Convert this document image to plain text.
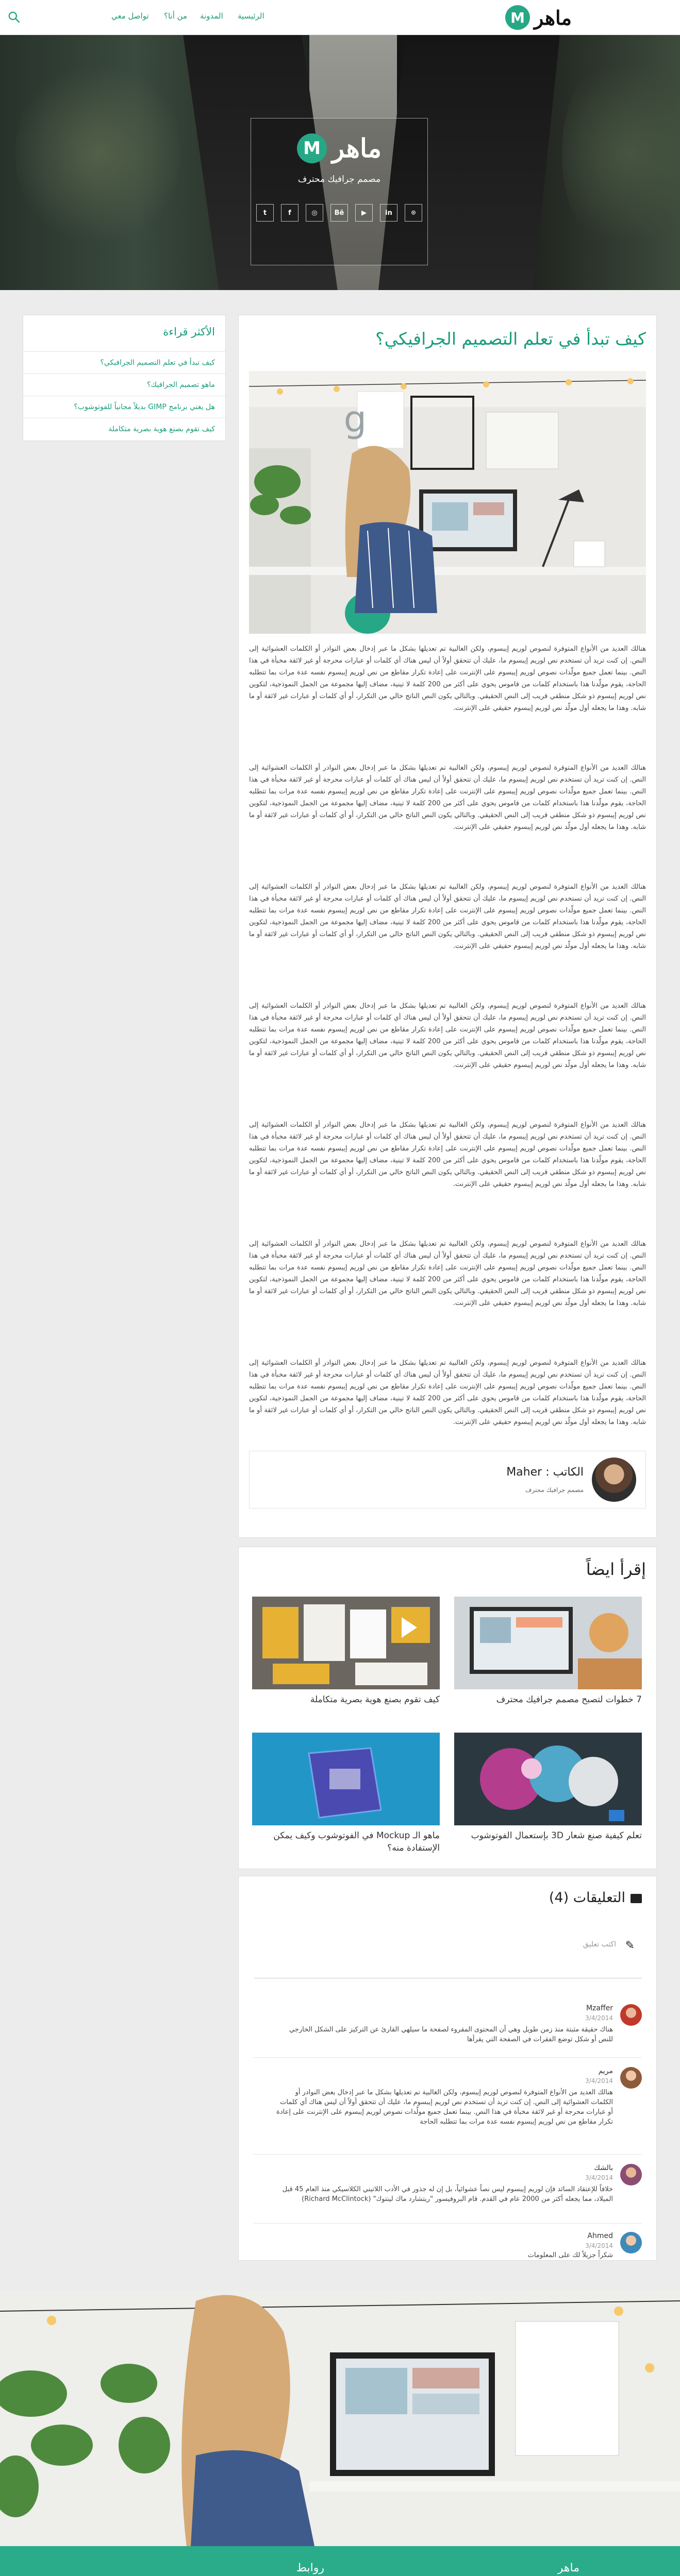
M ماهر
الرئيسية
المدونة
من أنا؟
تواصل معي
M ماهر
مصمم جرافيك محترف
t	f	◎	Bē	▶	in	⌾
كيف تبدأ في تعلم التصميم الجرافيكي؟
g

هنالك العديد من الأنواع المتوفرة لنصوص لوريم إيبسوم، ولكن الغالبية تم تعديلها بشكل ما عبر إدخال بعض النوادر أو الكلمات العشوائية إلى النص. إن كنت تريد أن تستخدم نص لوريم إيبسوم ما، عليك أن تتحقق أولاً أن ليس هناك أي كلمات أو عبارات محرجة أو غير لائقة مخبأة في هذا النص. بينما تعمل جميع مولّدات نصوص لوريم إيبسوم على الإنترنت على إعادة تكرار مقاطع من نص لوريم إيبسوم نفسه عدة مرات بما تتطلبه الحاجة، يقوم مولّدنا هذا باستخدام كلمات من قاموس يحوي على أكثر من 200 كلمة لا تينية، مضاف إليها مجموعة من الجمل النموذجية، لتكوين نص لوريم إيبسوم ذو شكل منطقي قريب إلى النص الحقيقي. وبالتالي يكون النص الناتج خالي من التكرار، أو أي كلمات أو عبارات غير لائقة أو ما شابه. وهذا ما يجعله أول مولّد نص لوريم إيبسوم حقيقي على الإنترنت.

هنالك العديد من الأنواع المتوفرة لنصوص لوريم إيبسوم، ولكن الغالبية تم تعديلها بشكل ما عبر إدخال بعض النوادر أو الكلمات العشوائية إلى النص. إن كنت تريد أن تستخدم نص لوريم إيبسوم ما، عليك أن تتحقق أولاً أن ليس هناك أي كلمات أو عبارات محرجة أو غير لائقة مخبأة في هذا النص. بينما تعمل جميع مولّدات نصوص لوريم إيبسوم على الإنترنت على إعادة تكرار مقاطع من نص لوريم إيبسوم نفسه عدة مرات بما تتطلبه الحاجة، يقوم مولّدنا هذا باستخدام كلمات من قاموس يحوي على أكثر من 200 كلمة لا تينية، مضاف إليها مجموعة من الجمل النموذجية، لتكوين نص لوريم إيبسوم ذو شكل منطقي قريب إلى النص الحقيقي. وبالتالي يكون النص الناتج خالي من التكرار، أو أي كلمات أو عبارات غير لائقة أو ما شابه. وهذا ما يجعله أول مولّد نص لوريم إيبسوم حقيقي على الإنترنت.

هنالك العديد من الأنواع المتوفرة لنصوص لوريم إيبسوم، ولكن الغالبية تم تعديلها بشكل ما عبر إدخال بعض النوادر أو الكلمات العشوائية إلى النص. إن كنت تريد أن تستخدم نص لوريم إيبسوم ما، عليك أن تتحقق أولاً أن ليس هناك أي كلمات أو عبارات محرجة أو غير لائقة مخبأة في هذا النص. بينما تعمل جميع مولّدات نصوص لوريم إيبسوم على الإنترنت على إعادة تكرار مقاطع من نص لوريم إيبسوم نفسه عدة مرات بما تتطلبه الحاجة، يقوم مولّدنا هذا باستخدام كلمات من قاموس يحوي على أكثر من 200 كلمة لا تينية، مضاف إليها مجموعة من الجمل النموذجية، لتكوين نص لوريم إيبسوم ذو شكل منطقي قريب إلى النص الحقيقي. وبالتالي يكون النص الناتج خالي من التكرار، أو أي كلمات أو عبارات غير لائقة أو ما شابه. وهذا ما يجعله أول مولّد نص لوريم إيبسوم حقيقي على الإنترنت.

هنالك العديد من الأنواع المتوفرة لنصوص لوريم إيبسوم، ولكن الغالبية تم تعديلها بشكل ما عبر إدخال بعض النوادر أو الكلمات العشوائية إلى النص. إن كنت تريد أن تستخدم نص لوريم إيبسوم ما، عليك أن تتحقق أولاً أن ليس هناك أي كلمات أو عبارات محرجة أو غير لائقة مخبأة في هذا النص. بينما تعمل جميع مولّدات نصوص لوريم إيبسوم على الإنترنت على إعادة تكرار مقاطع من نص لوريم إيبسوم نفسه عدة مرات بما تتطلبه الحاجة، يقوم مولّدنا هذا باستخدام كلمات من قاموس يحوي على أكثر من 200 كلمة لا تينية، مضاف إليها مجموعة من الجمل النموذجية، لتكوين نص لوريم إيبسوم ذو شكل منطقي قريب إلى النص الحقيقي. وبالتالي يكون النص الناتج خالي من التكرار، أو أي كلمات أو عبارات غير لائقة أو ما شابه. وهذا ما يجعله أول مولّد نص لوريم إيبسوم حقيقي على الإنترنت.

هنالك العديد من الأنواع المتوفرة لنصوص لوريم إيبسوم، ولكن الغالبية تم تعديلها بشكل ما عبر إدخال بعض النوادر أو الكلمات العشوائية إلى النص. إن كنت تريد أن تستخدم نص لوريم إيبسوم ما، عليك أن تتحقق أولاً أن ليس هناك أي كلمات أو عبارات محرجة أو غير لائقة مخبأة في هذا النص. بينما تعمل جميع مولّدات نصوص لوريم إيبسوم على الإنترنت على إعادة تكرار مقاطع من نص لوريم إيبسوم نفسه عدة مرات بما تتطلبه الحاجة، يقوم مولّدنا هذا باستخدام كلمات من قاموس يحوي على أكثر من 200 كلمة لا تينية، مضاف إليها مجموعة من الجمل النموذجية، لتكوين نص لوريم إيبسوم ذو شكل منطقي قريب إلى النص الحقيقي. وبالتالي يكون النص الناتج خالي من التكرار، أو أي كلمات أو عبارات غير لائقة أو ما شابه. وهذا ما يجعله أول مولّد نص لوريم إيبسوم حقيقي على الإنترنت.

هنالك العديد من الأنواع المتوفرة لنصوص لوريم إيبسوم، ولكن الغالبية تم تعديلها بشكل ما عبر إدخال بعض النوادر أو الكلمات العشوائية إلى النص. إن كنت تريد أن تستخدم نص لوريم إيبسوم ما، عليك أن تتحقق أولاً أن ليس هناك أي كلمات أو عبارات محرجة أو غير لائقة مخبأة في هذا النص. بينما تعمل جميع مولّدات نصوص لوريم إيبسوم على الإنترنت على إعادة تكرار مقاطع من نص لوريم إيبسوم نفسه عدة مرات بما تتطلبه الحاجة، يقوم مولّدنا هذا باستخدام كلمات من قاموس يحوي على أكثر من 200 كلمة لا تينية، مضاف إليها مجموعة من الجمل النموذجية، لتكوين نص لوريم إيبسوم ذو شكل منطقي قريب إلى النص الحقيقي. وبالتالي يكون النص الناتج خالي من التكرار، أو أي كلمات أو عبارات غير لائقة أو ما شابه. وهذا ما يجعله أول مولّد نص لوريم إيبسوم حقيقي على الإنترنت.

هنالك العديد من الأنواع المتوفرة لنصوص لوريم إيبسوم، ولكن الغالبية تم تعديلها بشكل ما عبر إدخال بعض النوادر أو الكلمات العشوائية إلى النص. إن كنت تريد أن تستخدم نص لوريم إيبسوم ما، عليك أن تتحقق أولاً أن ليس هناك أي كلمات أو عبارات محرجة أو غير لائقة مخبأة في هذا النص. بينما تعمل جميع مولّدات نصوص لوريم إيبسوم على الإنترنت على إعادة تكرار مقاطع من نص لوريم إيبسوم نفسه عدة مرات بما تتطلبه الحاجة، يقوم مولّدنا هذا باستخدام كلمات من قاموس يحوي على أكثر من 200 كلمة لا تينية، مضاف إليها مجموعة من الجمل النموذجية، لتكوين نص لوريم إيبسوم ذو شكل منطقي قريب إلى النص الحقيقي. وبالتالي يكون النص الناتج خالي من التكرار، أو أي كلمات أو عبارات غير لائقة أو ما شابه. وهذا ما يجعله أول مولّد نص لوريم إيبسوم حقيقي على الإنترنت.

الكاتب : Maher
مصمم جرافيك محترف
إقرأ ايضاً
7 خطوات لتصبح مصمم جرافيك محترف
كيف تقوم بصنع هوية بصرية متكاملة
تعلم كيفية صنع شعار 3D بإستعمال الفوتوشوب
ماهو الـ Mockup في الفوتوشوب وكيف يمكن الإستفادة منه؟
التعليقات (4)
✎
اكتب تعليق
Mzaffer
3/4/2014
هناك حقيقة مثبتة منذ زمن طويل وهي أن المحتوى المقروء لصفحة ما سيلهي القارئ عن التركيز على الشكل الخارجي للنص أو شكل توضع الفقرات في الصفحة التي يقرأها
مريم
3/4/2014
هنالك العديد من الأنواع المتوفرة لنصوص لوريم إيبسوم، ولكن الغالبية تم تعديلها بشكل ما عبر إدخال بعض النوادر أو الكلمات العشوائية إلى النص. إن كنت تريد أن تستخدم نص لوريم إيبسوم ما، عليك أن تتحقق أولاً أن ليس هناك أي كلمات أو عبارات محرجة أو غير لائقة مخبأة في هذا النص. بينما تعمل جميع مولّدات نصوص لوريم إيبسوم على الإنترنت على إعادة تكرار مقاطع من نص لوريم إيبسوم نفسه عدة مرات بما تتطلبه الحاجة
بالشك
3/4/2014
خلافاً للإعتقاد السائد فإن لوريم إيبسوم ليس نصاً عشوائياً، بل إن له جذور في الأدب اللاتيني الكلاسيكي منذ العام 45 قبل الميلاد، مما يجعله أكثر من 2000 عام في القدم. قام البروفيسور "ريتشارد ماك لينتوك" (Richard McClintock)
Ahmed
3/4/2014
شكراً جزيلاً لك على المعلومات
الأكثر قراءة
كيف تبدأ في تعلم التصميم الجرافيكي؟
ماهو تصميم الجرافيك؟
هل يغني برنامج GIMP بديلاً مجانياً للفوتوشوب؟
كيف تقوم بصنع هوية بصرية متكاملة
ماهر
روابط
